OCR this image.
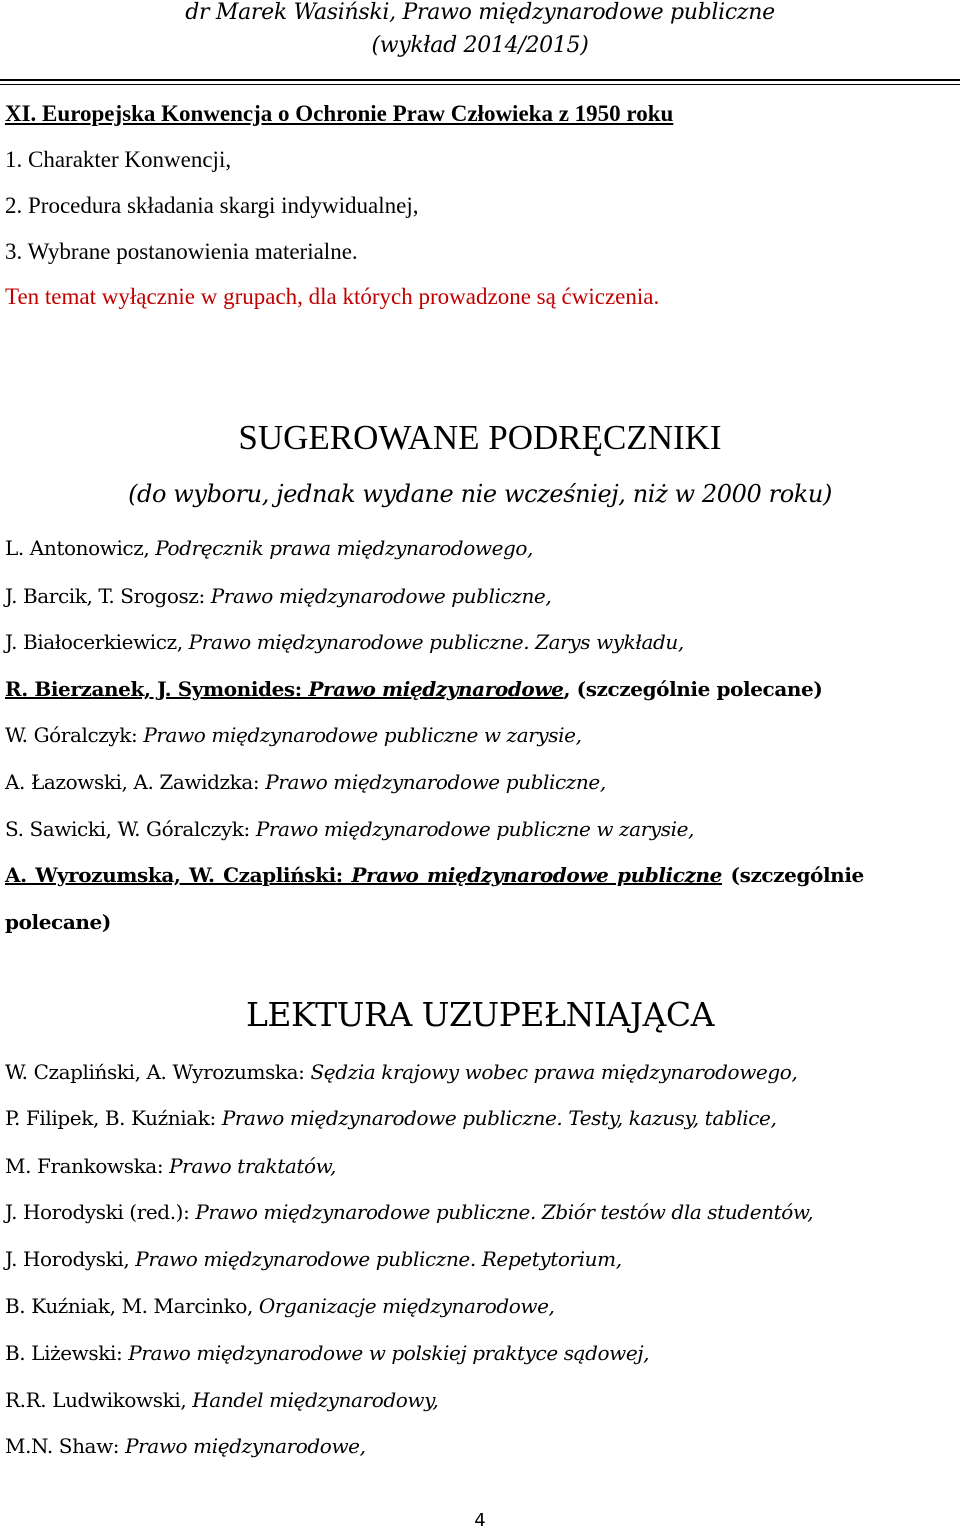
dr Marek Wasiński, Prawo międzynarodowe publiczne
(wykład 2014/2015)
XI. Europejska Konwencja o Ochronie Praw Człowieka z 1950 roku
1. Charakter Konwencji,
2. Procedura składania skargi indywidualnej,
3. Wybrane postanowienia materialne.
Ten temat wyłącznie w grupach, dla których prowadzone są ćwiczenia.
SUGEROWANE PODRĘCZNIKI
(do wyboru, jednak wydane nie wcześniej, niż w 2000 roku)
L. Antonowicz, Podręcznik prawa międzynarodowego,
J. Barcik, T. Srogosz: Prawo międzynarodowe publiczne,
J. Białocerkiewicz, Prawo międzynarodowe publiczne. Zarys wykładu,
R. Bierzanek, J. Symonides: Prawo międzynarodowe, (szczególnie polecane)
W. Góralczyk: Prawo międzynarodowe publiczne w zarysie,
A. Łazowski, A. Zawidzka: Prawo międzynarodowe publiczne,
S. Sawicki, W. Góralczyk: Prawo międzynarodowe publiczne w zarysie,
A. Wyrozumska, W. Czapliński: Prawo międzynarodowe publiczne (szczególnie
polecane)
LEKTURA UZUPEŁNIAJĄCA
W. Czapliński, A. Wyrozumska: Sędzia krajowy wobec prawa międzynarodowego,
P. Filipek, B. Kuźniak: Prawo międzynarodowe publiczne. Testy, kazusy, tablice,
M. Frankowska: Prawo traktatów,
J. Horodyski (red.): Prawo międzynarodowe publiczne. Zbiór testów dla studentów,
J. Horodyski, Prawo międzynarodowe publiczne. Repetytorium,
B. Kuźniak, M. Marcinko, Organizacje międzynarodowe,
B. Liżewski: Prawo międzynarodowe w polskiej praktyce sądowej,
R.R. Ludwikowski, Handel międzynarodowy,
M.N. Shaw: Prawo międzynarodowe,
4
